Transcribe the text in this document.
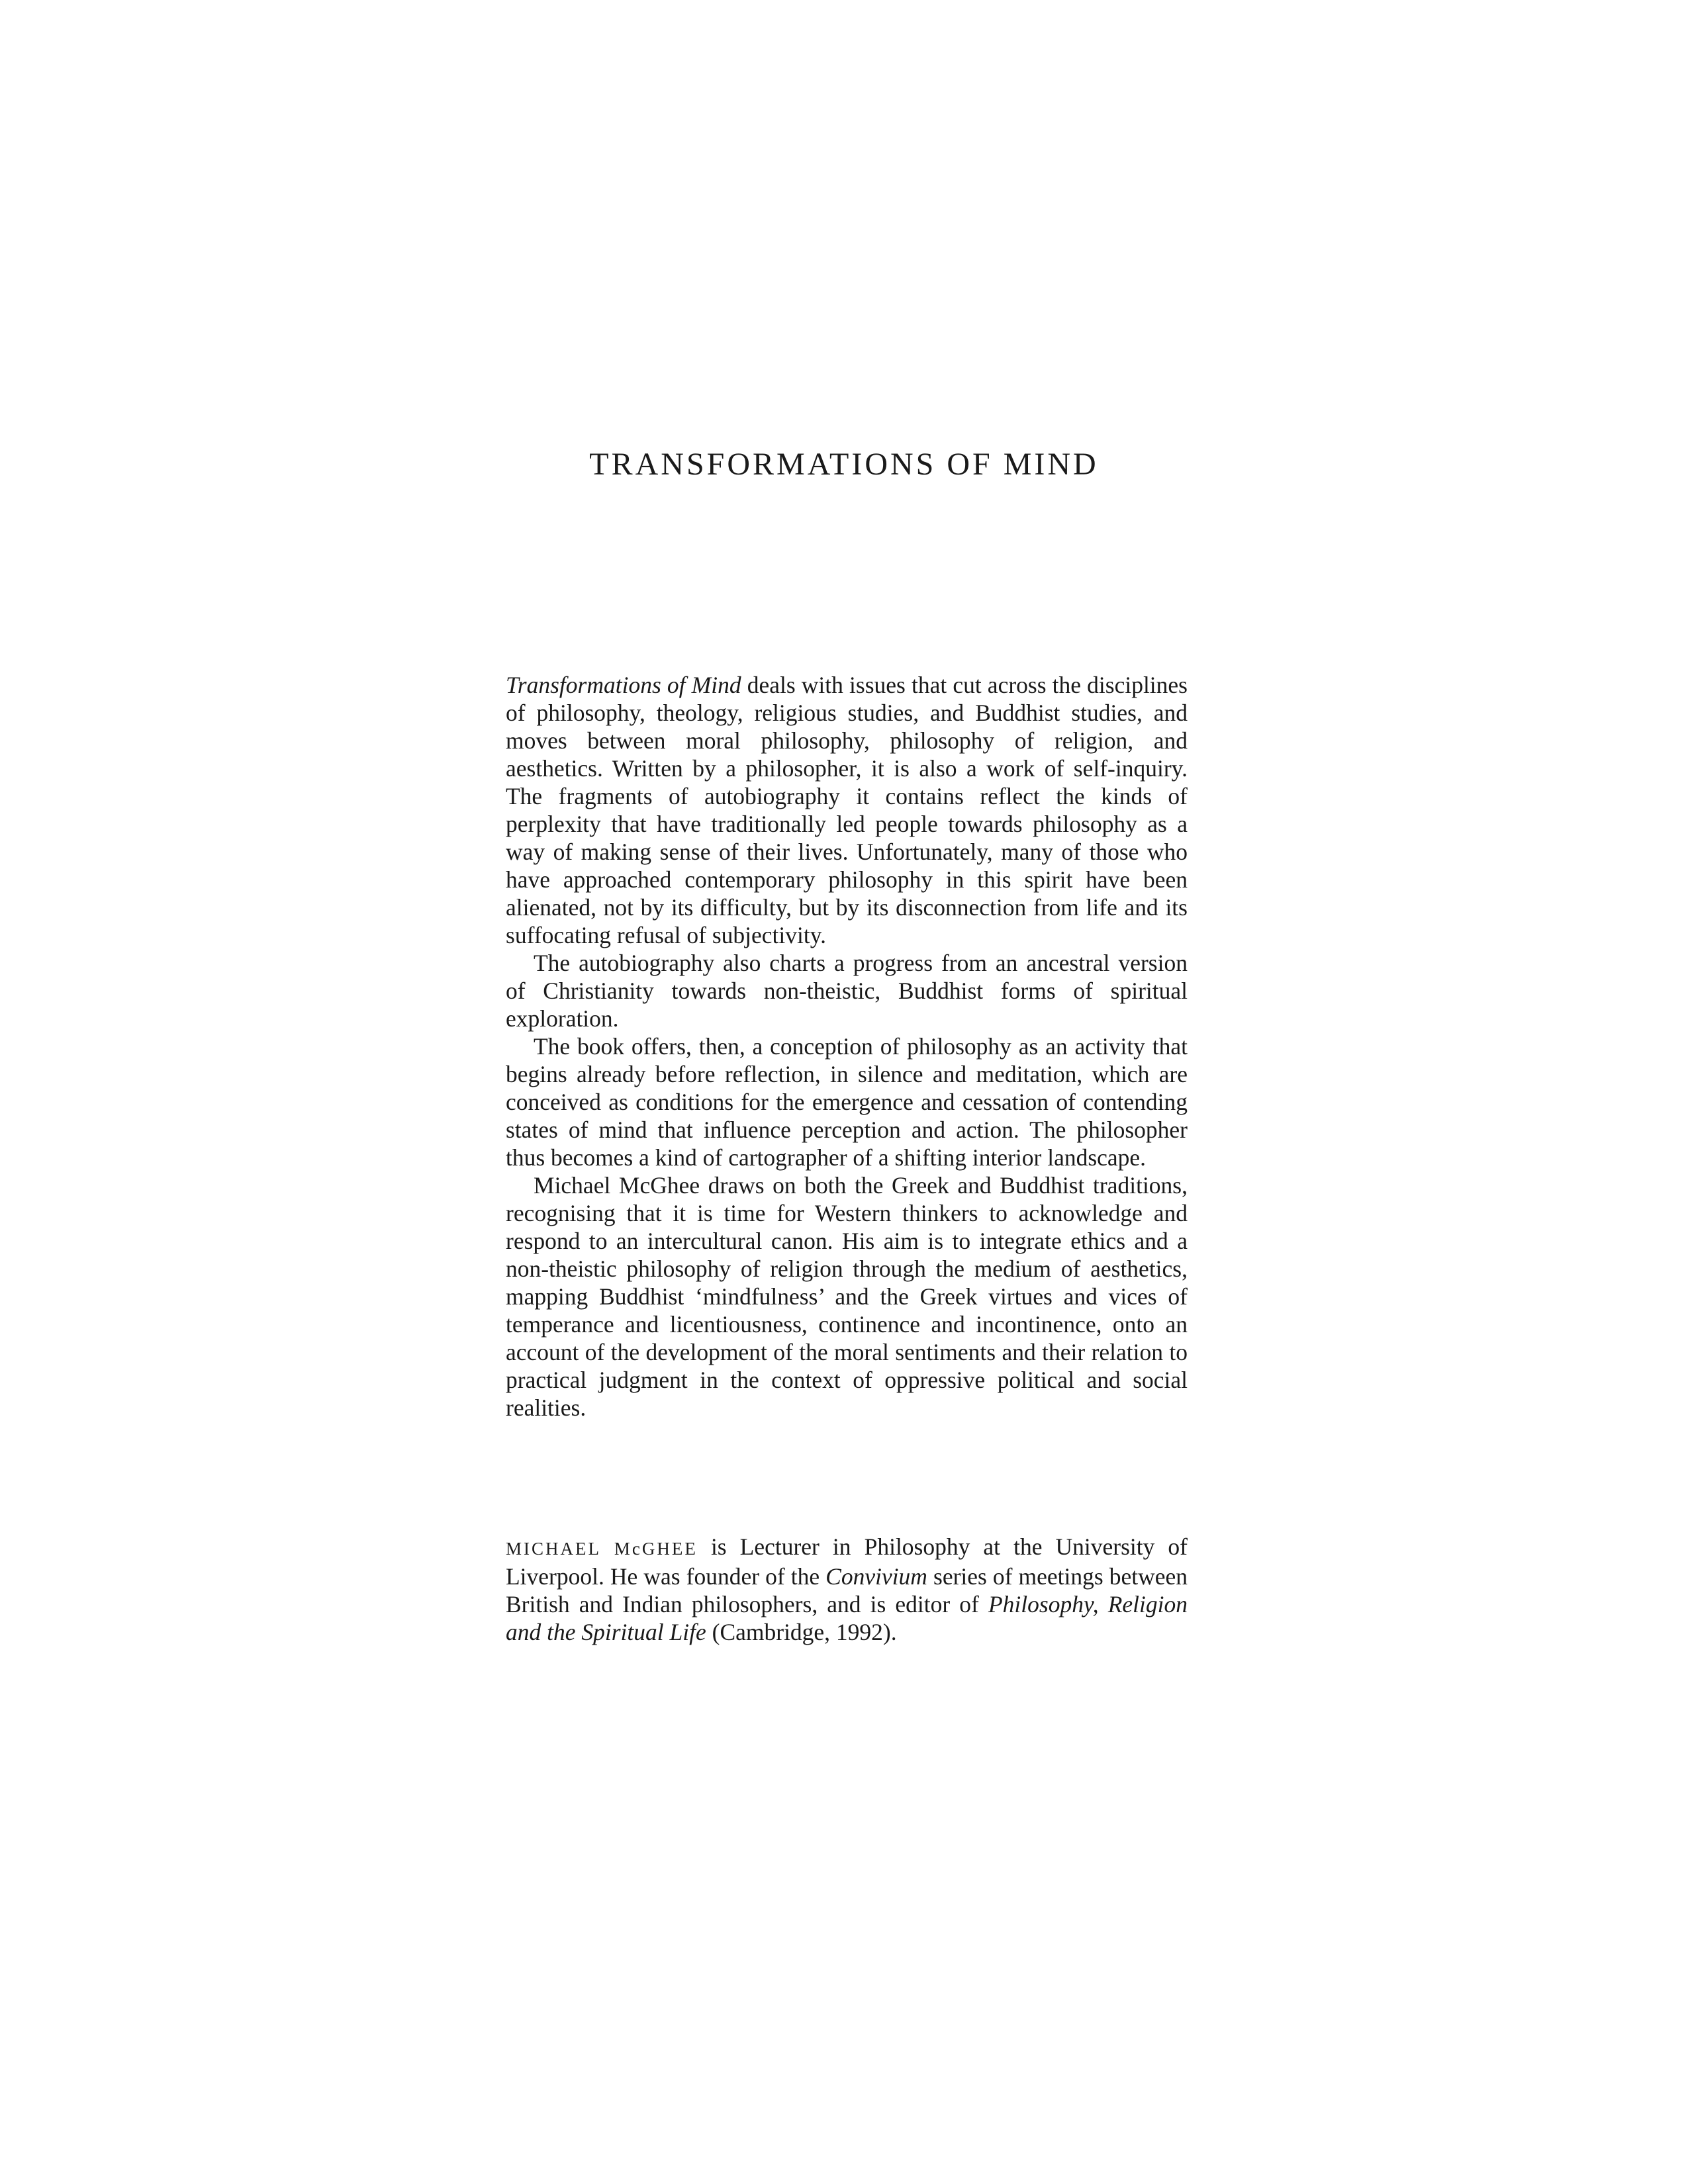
TRANSFORMATIONS OF MIND

Transformations of Mind deals with issues that cut across the disciplines of philosophy, theology, religious studies, and Buddhist studies, and moves between moral philosophy, philosophy of religion, and aesthetics. Written by a philosopher, it is also a work of self-inquiry. The fragments of autobiography it contains reflect the kinds of perplexity that have traditionally led people towards philosophy as a way of making sense of their lives. Unfortunately, many of those who have approached contemporary philosophy in this spirit have been alienated, not by its difficulty, but by its disconnection from life and its suffocating refusal of subjectivity.

The autobiography also charts a progress from an ancestral version of Christianity towards non-theistic, Buddhist forms of spiritual exploration.

The book offers, then, a conception of philosophy as an activity that begins already before reflection, in silence and meditation, which are conceived as conditions for the emergence and cessation of contending states of mind that influence perception and action. The philosopher thus becomes a kind of cartographer of a shifting interior landscape.

Michael McGhee draws on both the Greek and Buddhist traditions, recognising that it is time for Western thinkers to acknowledge and respond to an intercultural canon. His aim is to integrate ethics and a non-theistic philosophy of religion through the medium of aesthetics, mapping Buddhist ‘mindfulness’ and the Greek virtues and vices of temperance and licentiousness, continence and incontinence, onto an account of the development of the moral sentiments and their relation to practical judgment in the context of oppressive political and social realities.

MICHAEL McGHEE is Lecturer in Philosophy at the University of Liverpool. He was founder of the Convivium series of meetings between British and Indian philosophers, and is editor of Philosophy, Religion and the Spiritual Life (Cambridge, 1992).
